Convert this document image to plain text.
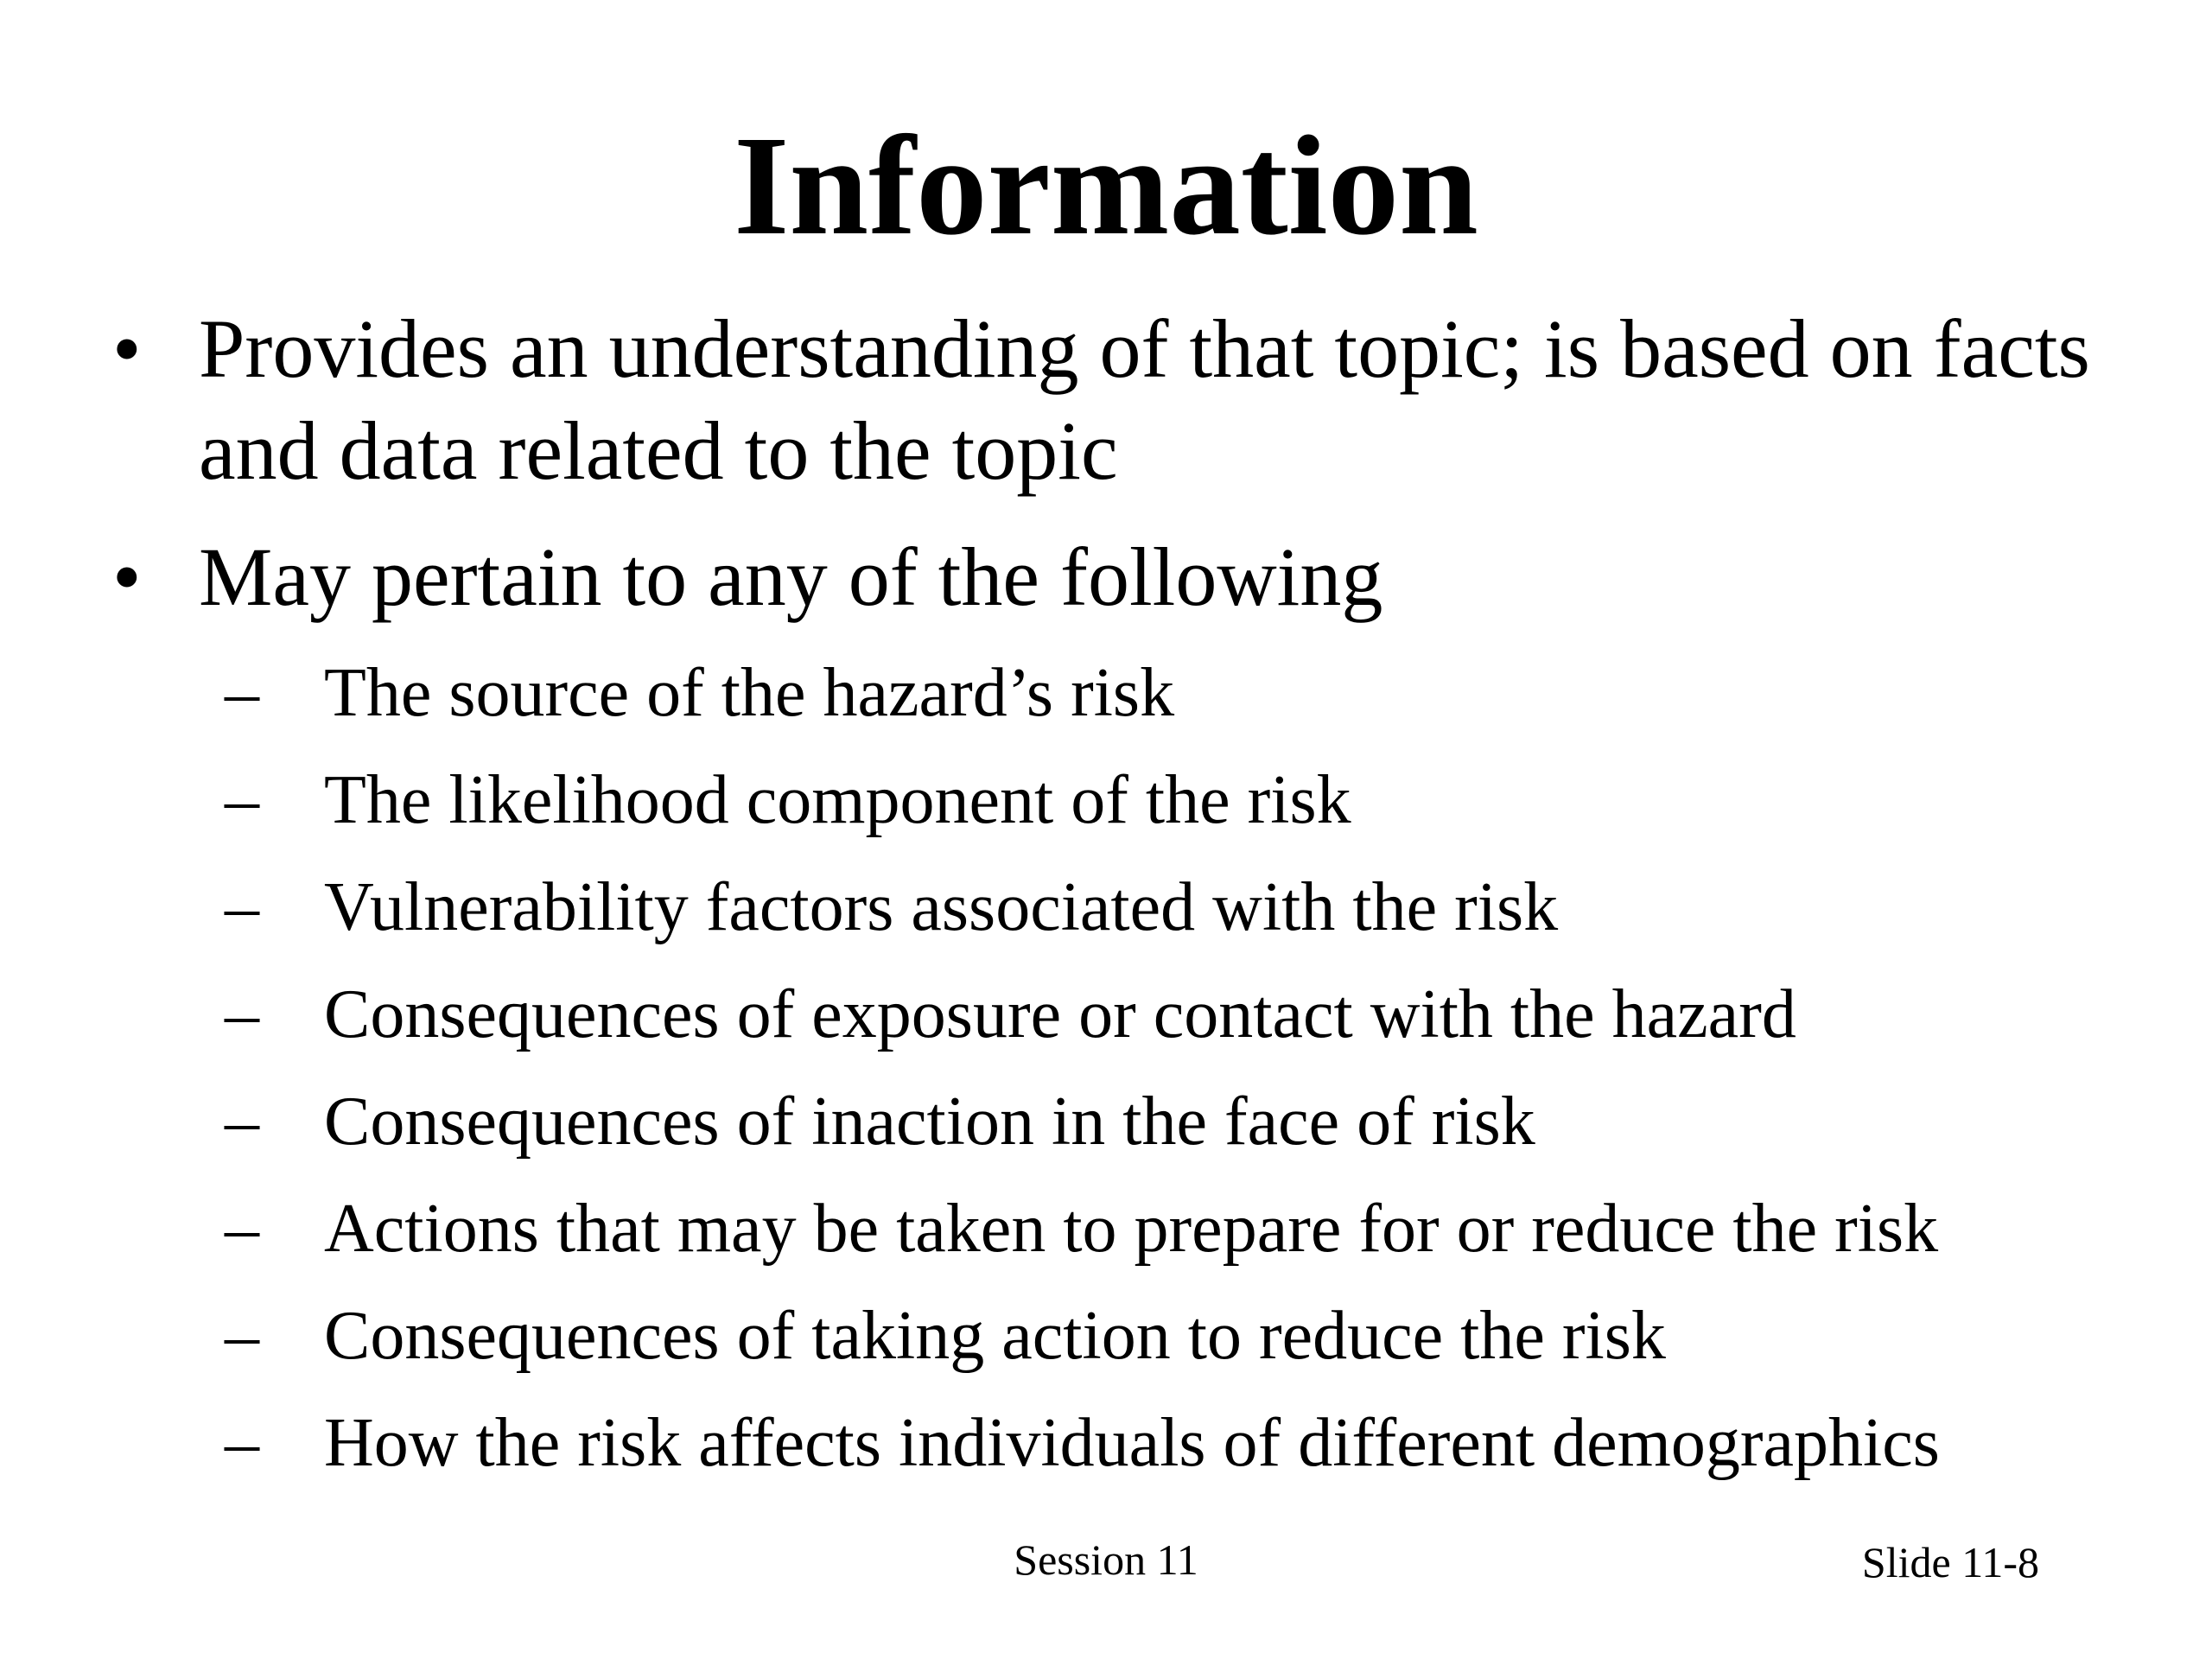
Information
• Provides an understanding of that topic; is based on facts and data related to the topic
• May pertain to any of the following
– The source of the hazard’s risk
– The likelihood component of the risk
– Vulnerability factors associated with the risk
– Consequences of exposure or contact with the hazard
– Consequences of inaction in the face of risk
– Actions that may be taken to prepare for or reduce the risk
– Consequences of taking action to reduce the risk
– How the risk affects individuals of different demographics
Session 11	Slide 11-8
